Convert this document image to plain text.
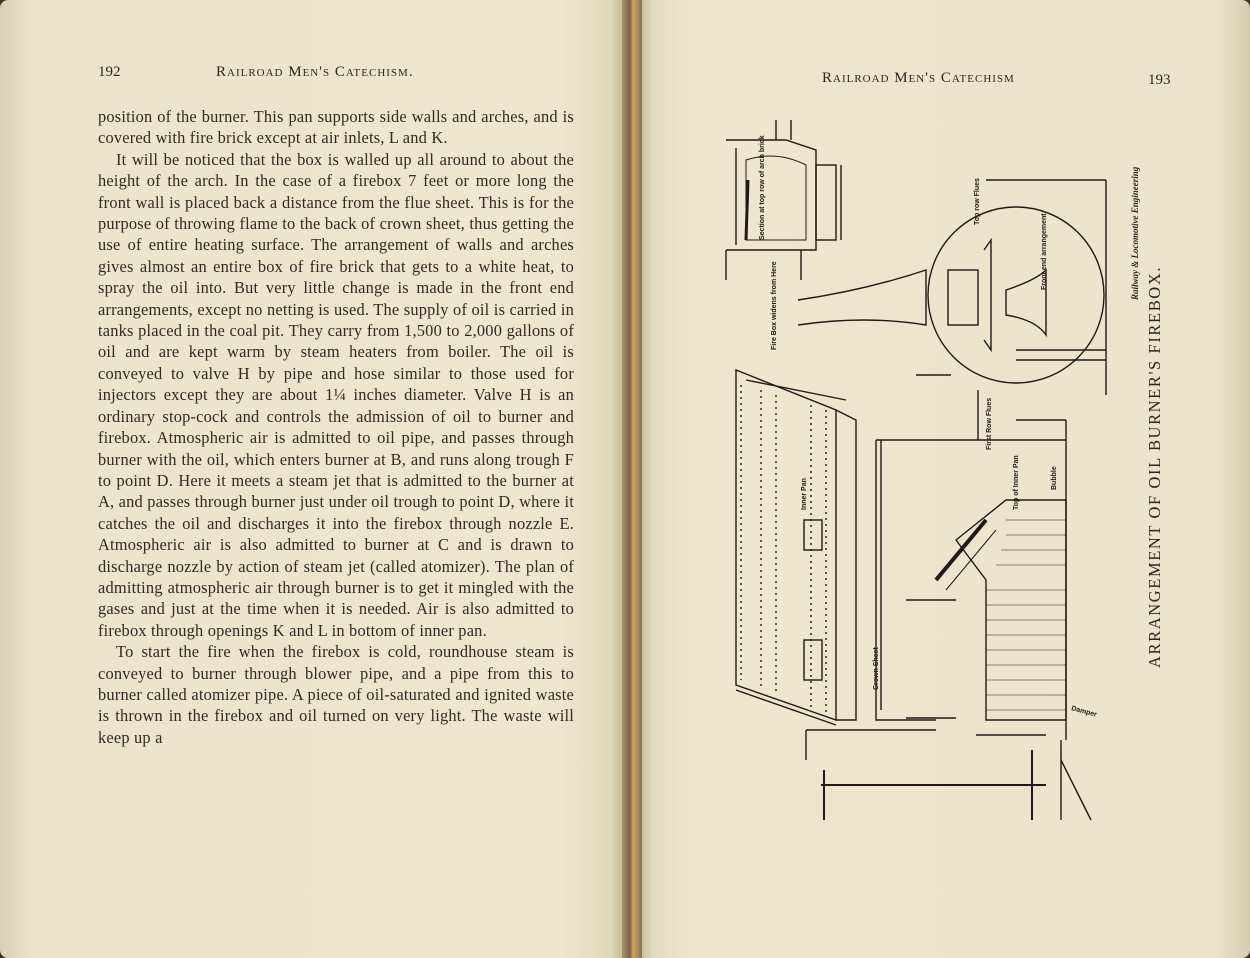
192	Railroad Men's Catechism.

position of the burner. This pan supports side walls and arches, and is covered with fire brick except at air inlets, L and K.

It will be noticed that the box is walled up all around to about the height of the arch. In the case of a firebox 7 feet or more long the front wall is placed back a distance from the flue sheet. This is for the purpose of throwing flame to the back of crown sheet, thus getting the use of entire heating surface. The arrangement of walls and arches gives almost an entire box of fire brick that gets to a white heat, to spray the oil into. But very little change is made in the front end arrangements, except no netting is used. The supply of oil is carried in tanks placed in the coal pit. They carry from 1,500 to 2,000 gallons of oil and are kept warm by steam heaters from boiler. The oil is conveyed to valve H by pipe and hose similar to those used for injectors except they are about 1¼ inches diameter. Valve H is an ordinary stop-cock and controls the admission of oil to burner and firebox. Atmospheric air is admitted to oil pipe, and passes through burner with the oil, which enters burner at B, and runs along trough F to point D. Here it meets a steam jet that is admitted to the burner at A, and passes through burner just under oil trough to point D, where it catches the oil and discharges it into the firebox through nozzle E. Atmospheric air is also admitted to burner at C and is drawn to discharge nozzle by action of steam jet (called atomizer). The plan of admitting atmospheric air through burner is to get it mingled with the gases and just at the time when it is needed. Air is also admitted to firebox through openings K and L in bottom of inner pan.

To start the fire when the firebox is cold, roundhouse steam is conveyed to burner through blower pipe, and a pipe from this to burner called atomizer pipe. A piece of oil-saturated and ignited waste is thrown in the firebox and oil turned on very light. The waste will keep up a

Railroad Men's Catechism	193
Section at top row of arch brick
Fire Box widens from Here
Top row Flues
Front end arrangement
Inner Pan
Crown Sheet
First Row Flues
Top of Inner Pan	Bubble
Damper
Railway & Locomotive Engineering
ARRANGEMENT OF OIL BURNER'S FIREBOX.
